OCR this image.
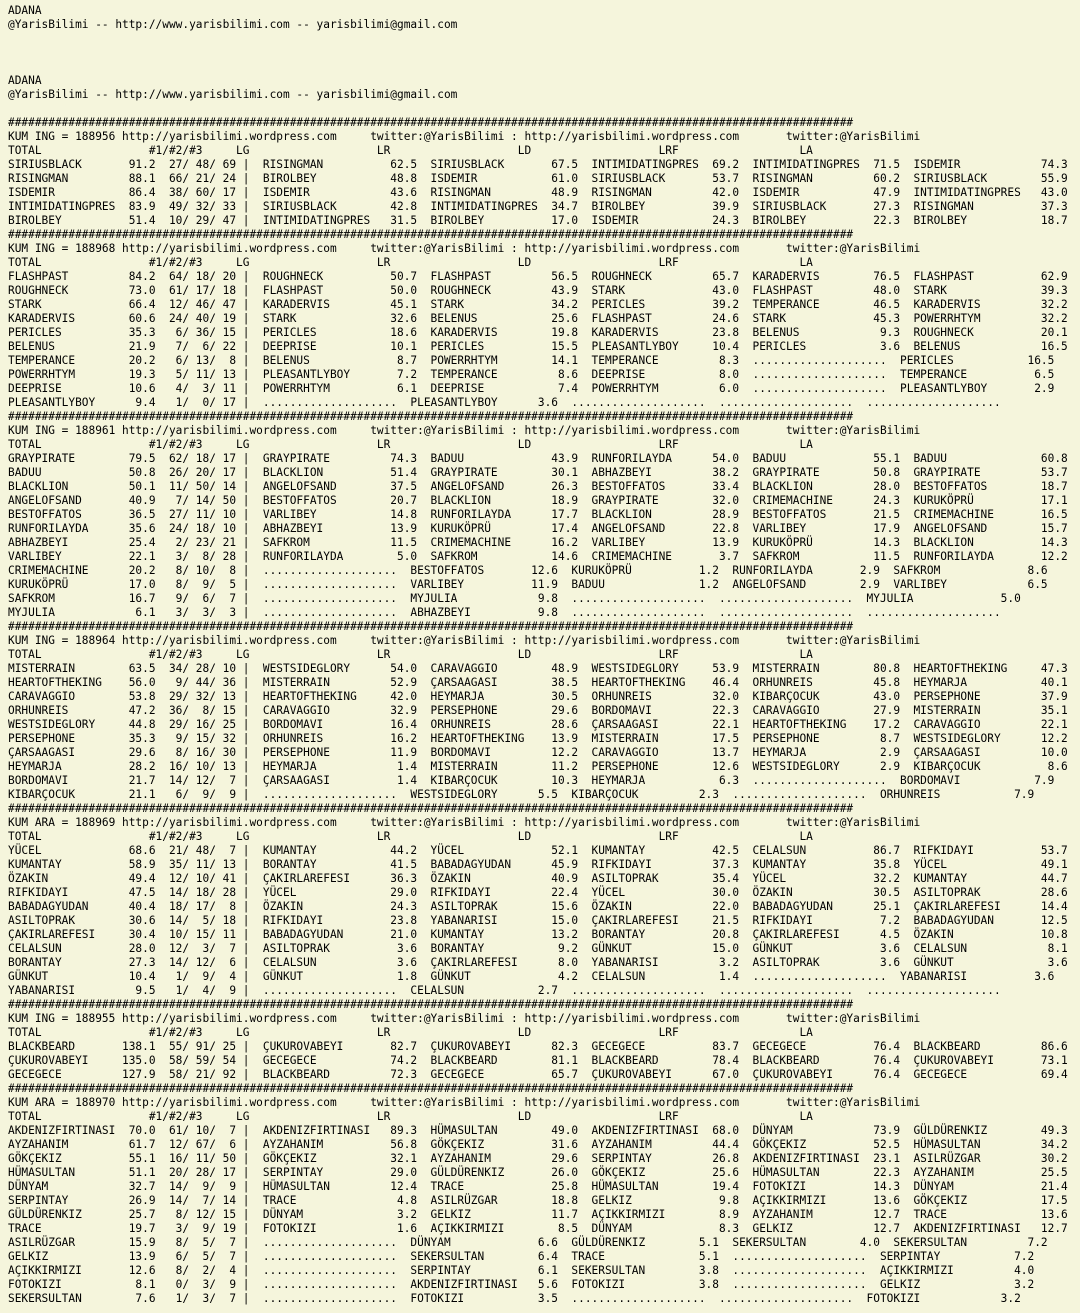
ADANA
@YarisBilimi -- http://www.yarisbilimi.com -- yarisbilimi@gmail.com
ADANA
@YarisBilimi -- http://www.yarisbilimi.com -- yarisbilimi@gmail.com
##############################################################################################################################
KUM ING = 188956 http://yarisbilimi.wordpress.com     twitter:@YarisBilimi : http://yarisbilimi.wordpress.com       twitter:@YarisBilimi
TOTAL                #1/#2/#3     LG                   LR                   LD                   LRF                  LA
SIRIUSBLACK       91.2  27/ 48/ 69 |  RISINGMAN          62.5  SIRIUSBLACK       67.5  INTIMIDATINGPRES  69.2  INTIMIDATINGPRES  71.5  ISDEMIR            74.3
RISINGMAN         88.1  66/ 21/ 24 |  BIROLBEY           48.8  ISDEMIR           61.0  SIRIUSBLACK       53.7  RISINGMAN         60.2  SIRIUSBLACK        55.9
ISDEMIR           86.4  38/ 60/ 17 |  ISDEMIR            43.6  RISINGMAN         48.9  RISINGMAN         42.0  ISDEMIR           47.9  INTIMIDATINGPRES   43.0
INTIMIDATINGPRES  83.9  49/ 32/ 33 |  SIRIUSBLACK        42.8  INTIMIDATINGPRES  34.7  BIROLBEY          39.9  SIRIUSBLACK       27.3  RISINGMAN          37.3
BIROLBEY          51.4  10/ 29/ 47 |  INTIMIDATINGPRES   31.5  BIROLBEY          17.0  ISDEMIR           24.3  BIROLBEY          22.3  BIROLBEY           18.7
##############################################################################################################################
KUM ING = 188968 http://yarisbilimi.wordpress.com     twitter:@YarisBilimi : http://yarisbilimi.wordpress.com       twitter:@YarisBilimi
TOTAL                #1/#2/#3     LG                   LR                   LD                   LRF                  LA
FLASHPAST         84.2  64/ 18/ 20 |  ROUGHNECK          50.7  FLASHPAST         56.5  ROUGHNECK         65.7  KARADERVIS        76.5  FLASHPAST          62.9
ROUGHNECK         73.0  61/ 17/ 18 |  FLASHPAST          50.0  ROUGHNECK         43.9  STARK             43.0  FLASHPAST         48.0  STARK              39.3
STARK             66.4  12/ 46/ 47 |  KARADERVIS         45.1  STARK             34.2  PERICLES          39.2  TEMPERANCE        46.5  KARADERVIS         32.2
KARADERVIS        60.6  24/ 40/ 19 |  STARK              32.6  BELENUS           25.6  FLASHPAST         24.6  STARK             45.3  POWERRHTYM         32.2
PERICLES          35.3   6/ 36/ 15 |  PERICLES           18.6  KARADERVIS        19.8  KARADERVIS        23.8  BELENUS            9.3  ROUGHNECK          20.1
BELENUS           21.9   7/  6/ 22 |  DEEPRISE           10.1  PERICLES          15.5  PLEASANTLYBOY     10.4  PERICLES           3.6  BELENUS            16.5
TEMPERANCE        20.2   6/ 13/  8 |  BELENUS             8.7  POWERRHTYM        14.1  TEMPERANCE         8.3  ....................  PERICLES           16.5
POWERRHTYM        19.3   5/ 11/ 13 |  PLEASANTLYBOY       7.2  TEMPERANCE         8.6  DEEPRISE           8.0  ....................  TEMPERANCE          6.5
DEEPRISE          10.6   4/  3/ 11 |  POWERRHTYM          6.1  DEEPRISE           7.4  POWERRHTYM         6.0  ....................  PLEASANTLYBOY       2.9
PLEASANTLYBOY      9.4   1/  0/ 17 |  ....................  PLEASANTLYBOY      3.6  ....................  ....................  ....................
##############################################################################################################################
KUM ING = 188961 http://yarisbilimi.wordpress.com     twitter:@YarisBilimi : http://yarisbilimi.wordpress.com       twitter:@YarisBilimi
TOTAL                #1/#2/#3     LG                   LR                   LD                   LRF                  LA
GRAYPIRATE        79.5  62/ 18/ 17 |  GRAYPIRATE         74.3  BADUU             43.9  RUNFORILAYDA      54.0  BADUU             55.1  BADUU              60.8
BADUU             50.8  26/ 20/ 17 |  BLACKLION          51.4  GRAYPIRATE        30.1  ABHAZBEYI         38.2  GRAYPIRATE        50.8  GRAYPIRATE         53.7
BLACKLION         50.1  11/ 50/ 14 |  ANGELOFSAND        37.5  ANGELOFSAND       26.3  BESTOFFATOS       33.4  BLACKLION         28.0  BESTOFFATOS        18.7
ANGELOFSAND       40.9   7/ 14/ 50 |  BESTOFFATOS        20.7  BLACKLION         18.9  GRAYPIRATE        32.0  CRIMEMACHINE      24.3  KURUKÖPRÜ          17.1
BESTOFFATOS       36.5  27/ 11/ 10 |  VARLIBEY           14.8  RUNFORILAYDA      17.7  BLACKLION         28.9  BESTOFFATOS       21.5  CRIMEMACHINE       16.5
RUNFORILAYDA      35.6  24/ 18/ 10 |  ABHAZBEYI          13.9  KURUKÖPRÜ         17.4  ANGELOFSAND       22.8  VARLIBEY          17.9  ANGELOFSAND        15.7
ABHAZBEYI         25.4   2/ 23/ 21 |  SAFKROM            11.5  CRIMEMACHINE      16.2  VARLIBEY          13.9  KURUKÖPRÜ         14.3  BLACKLION          14.3
VARLIBEY          22.1   3/  8/ 28 |  RUNFORILAYDA        5.0  SAFKROM           14.6  CRIMEMACHINE       3.7  SAFKROM           11.5  RUNFORILAYDA       12.2
CRIMEMACHINE      20.2   8/ 10/  8 |  ....................  BESTOFFATOS       12.6  KURUKÖPRÜ          1.2  RUNFORILAYDA       2.9  SAFKROM             8.6
KURUKÖPRÜ         17.0   8/  9/  5 |  ....................  VARLIBEY          11.9  BADUU              1.2  ANGELOFSAND        2.9  VARLIBEY            6.5
SAFKROM           16.7   9/  6/  7 |  ....................  MYJULIA            9.8  ....................  ....................  MYJULIA             5.0
MYJULIA            6.1   3/  3/  3 |  ....................  ABHAZBEYI          9.8  ....................  ....................  ....................
##############################################################################################################################
KUM ING = 188964 http://yarisbilimi.wordpress.com     twitter:@YarisBilimi : http://yarisbilimi.wordpress.com       twitter:@YarisBilimi
TOTAL                #1/#2/#3     LG                   LR                   LD                   LRF                  LA
MISTERRAIN        63.5  34/ 28/ 10 |  WESTSIDEGLORY      54.0  CARAVAGGIO        48.9  WESTSIDEGLORY     53.9  MISTERRAIN        80.8  HEARTOFTHEKING     47.3
HEARTOFTHEKING    56.0   9/ 44/ 36 |  MISTERRAIN         52.9  ÇARSAAGASI        38.5  HEARTOFTHEKING    46.4  ORHUNREIS         45.8  HEYMARJA           40.1
CARAVAGGIO        53.8  29/ 32/ 13 |  HEARTOFTHEKING     42.0  HEYMARJA          30.5  ORHUNREIS         32.0  KIBARÇOCUK        43.0  PERSEPHONE         37.9
ORHUNREIS         47.2  36/  8/ 15 |  CARAVAGGIO         32.9  PERSEPHONE        29.6  BORDOMAVI         22.3  CARAVAGGIO        27.9  MISTERRAIN         35.1
WESTSIDEGLORY     44.8  29/ 16/ 25 |  BORDOMAVI          16.4  ORHUNREIS         28.6  ÇARSAAGASI        22.1  HEARTOFTHEKING    17.2  CARAVAGGIO         22.1
PERSEPHONE        35.3   9/ 15/ 32 |  ORHUNREIS          16.2  HEARTOFTHEKING    13.9  MISTERRAIN        17.5  PERSEPHONE         8.7  WESTSIDEGLORY      12.2
ÇARSAAGASI        29.6   8/ 16/ 30 |  PERSEPHONE         11.9  BORDOMAVI         12.2  CARAVAGGIO        13.7  HEYMARJA           2.9  ÇARSAAGASI         10.0
HEYMARJA          28.2  16/ 10/ 13 |  HEYMARJA            1.4  MISTERRAIN        11.2  PERSEPHONE        12.6  WESTSIDEGLORY      2.9  KIBARÇOCUK          8.6
BORDOMAVI         21.7  14/ 12/  7 |  ÇARSAAGASI          1.4  KIBARÇOCUK        10.3  HEYMARJA           6.3  ....................  BORDOMAVI           7.9
KIBARÇOCUK        21.1   6/  9/  9 |  ....................  WESTSIDEGLORY      5.5  KIBARÇOCUK         2.3  ....................  ORHUNREIS           7.9
##############################################################################################################################
KUM ARA = 188969 http://yarisbilimi.wordpress.com     twitter:@YarisBilimi : http://yarisbilimi.wordpress.com       twitter:@YarisBilimi
TOTAL                #1/#2/#3     LG                   LR                   LD                   LRF                  LA
YÜCEL             68.6  21/ 48/  7 |  KUMANTAY           44.2  YÜCEL             52.1  KUMANTAY          42.5  CELALSUN          86.7  RIFKIDAYI          53.7
KUMANTAY          58.9  35/ 11/ 13 |  BORANTAY           41.5  BABADAGYUDAN      45.9  RIFKIDAYI         37.3  KUMANTAY          35.8  YÜCEL              49.1
ÖZAKIN            49.4  12/ 10/ 41 |  ÇAKIRLAREFESI      36.3  ÖZAKIN            40.9  ASILTOPRAK        35.4  YÜCEL             32.2  KUMANTAY           44.7
RIFKIDAYI         47.5  14/ 18/ 28 |  YÜCEL              29.0  RIFKIDAYI         22.4  YÜCEL             30.0  ÖZAKIN            30.5  ASILTOPRAK         28.6
BABADAGYUDAN      40.4  18/ 17/  8 |  ÖZAKIN             24.3  ASILTOPRAK        15.6  ÖZAKIN            22.0  BABADAGYUDAN      25.1  ÇAKIRLAREFESI      14.4
ASILTOPRAK        30.6  14/  5/ 18 |  RIFKIDAYI          23.8  YABANARISI        15.0  ÇAKIRLAREFESI     21.5  RIFKIDAYI          7.2  BABADAGYUDAN       12.5
ÇAKIRLAREFESI     30.4  10/ 15/ 11 |  BABADAGYUDAN       21.0  KUMANTAY          13.2  BORANTAY          20.8  ÇAKIRLAREFESI      4.5  ÖZAKIN             10.8
CELALSUN          28.0  12/  3/  7 |  ASILTOPRAK          3.6  BORANTAY           9.2  GÜNKUT            15.0  GÜNKUT             3.6  CELALSUN            8.1
BORANTAY          27.3  14/ 12/  6 |  CELALSUN            3.6  ÇAKIRLAREFESI      8.0  YABANARISI         3.2  ASILTOPRAK         3.6  GÜNKUT              3.6
GÜNKUT            10.4   1/  9/  4 |  GÜNKUT              1.8  GÜNKUT             4.2  CELALSUN           1.4  ....................  YABANARISI          3.6
YABANARISI         9.5   1/  4/  9 |  ....................  CELALSUN           2.7  ....................  ....................  ....................
##############################################################################################################################
KUM ING = 188955 http://yarisbilimi.wordpress.com     twitter:@YarisBilimi : http://yarisbilimi.wordpress.com       twitter:@YarisBilimi
TOTAL                #1/#2/#3     LG                   LR                   LD                   LRF                  LA
BLACKBEARD       138.1  55/ 91/ 25 |  ÇUKUROVABEYI       82.7  ÇUKUROVABEYI      82.3  GECEGECE          83.7  GECEGECE          76.4  BLACKBEARD         86.6
ÇUKUROVABEYI     135.0  58/ 59/ 54 |  GECEGECE           74.2  BLACKBEARD        81.1  BLACKBEARD        78.4  BLACKBEARD        76.4  ÇUKUROVABEYI       73.1
GECEGECE         127.9  58/ 21/ 92 |  BLACKBEARD         72.3  GECEGECE          65.7  ÇUKUROVABEYI      67.0  ÇUKUROVABEYI      76.4  GECEGECE           69.4
##############################################################################################################################
KUM ARA = 188970 http://yarisbilimi.wordpress.com     twitter:@YarisBilimi : http://yarisbilimi.wordpress.com       twitter:@YarisBilimi
TOTAL                #1/#2/#3     LG                   LR                   LD                   LRF                  LA
AKDENIZFIRTINASI  70.0  61/ 10/  7 |  AKDENIZFIRTINASI   89.3  HÜMASULTAN        49.0  AKDENIZFIRTINASI  68.0  DÜNYAM            73.9  GÜLDÜRENKIZ        49.3
AYZAHANIM         61.7  12/ 67/  6 |  AYZAHANIM          56.8  GÖKÇEKIZ          31.6  AYZAHANIM         44.4  GÖKÇEKIZ          52.5  HÜMASULTAN         34.2
GÖKÇEKIZ          55.1  16/ 11/ 50 |  GÖKÇEKIZ           32.1  AYZAHANIM         29.6  SERPINTAY         26.8  AKDENIZFIRTINASI  23.1  ASILRÜZGAR         30.2
HÜMASULTAN        51.1  20/ 28/ 17 |  SERPINTAY          29.0  GÜLDÜRENKIZ       26.0  GÖKÇEKIZ          25.6  HÜMASULTAN        22.3  AYZAHANIM          25.5
DÜNYAM            32.7  14/  9/  9 |  HÜMASULTAN         12.4  TRACE             25.8  HÜMASULTAN        19.4  FOTOKIZI          14.3  DÜNYAM             21.4
SERPINTAY         26.9  14/  7/ 14 |  TRACE               4.8  ASILRÜZGAR        18.8  GELKIZ             9.8  AÇIKKIRMIZI       13.6  GÖKÇEKIZ           17.5
GÜLDÜRENKIZ       25.7   8/ 12/ 15 |  DÜNYAM              3.2  GELKIZ            11.7  AÇIKKIRMIZI        8.9  AYZAHANIM         12.7  TRACE              13.6
TRACE             19.7   3/  9/ 19 |  FOTOKIZI            1.6  AÇIKKIRMIZI        8.5  DÜNYAM             8.3  GELKIZ            12.7  AKDENIZFIRTINASI   12.7
ASILRÜZGAR        15.9   8/  5/  7 |  ....................  DÜNYAM             6.6  GÜLDÜRENKIZ        5.1  SEKERSULTAN        4.0  SEKERSULTAN         7.2
GELKIZ            13.9   6/  5/  7 |  ....................  SEKERSULTAN        6.4  TRACE              5.1  ....................  SERPINTAY           7.2
AÇIKKIRMIZI       12.6   8/  2/  4 |  ....................  SERPINTAY          6.1  SEKERSULTAN        3.8  ....................  AÇIKKIRMIZI         4.0
FOTOKIZI           8.1   0/  3/  9 |  ....................  AKDENIZFIRTINASI   5.6  FOTOKIZI           3.8  ....................  GELKIZ              3.2
SEKERSULTAN        7.6   1/  3/  7 |  ....................  FOTOKIZI           3.5  ....................  ....................  FOTOKIZI            3.2
